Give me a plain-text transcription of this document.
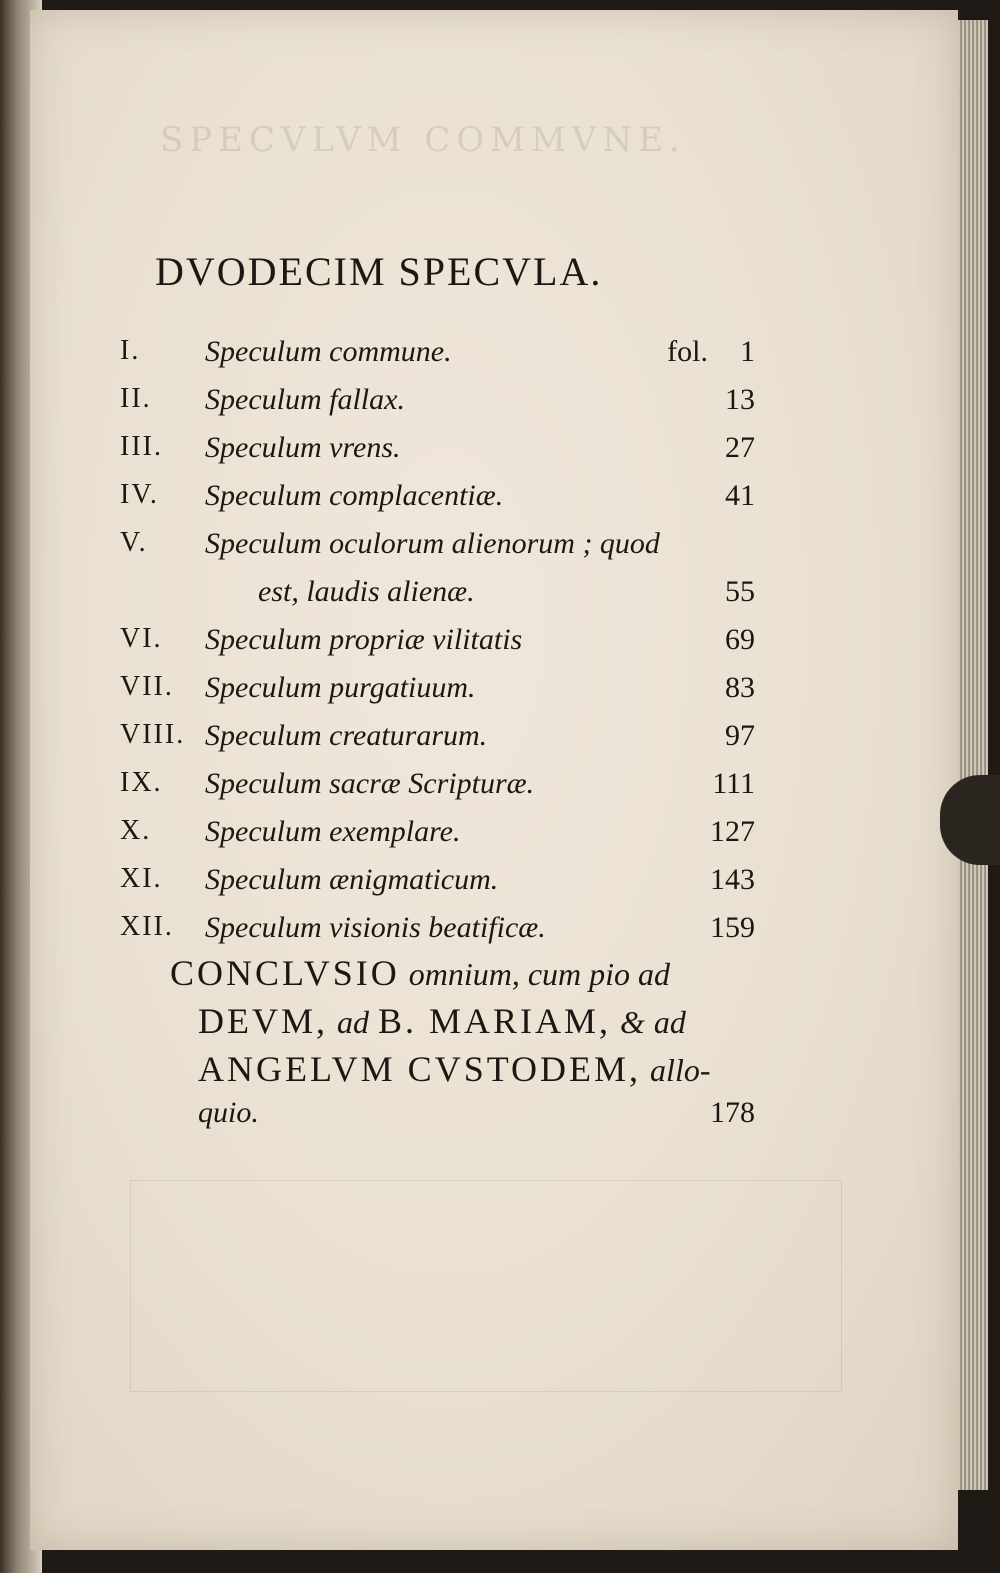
SPECVLVM COMMVNE.
DVODECIM SPECVLA.
I. Speculum commune.	fol. 1
II. Speculum fallax.	13
III. Speculum vrens.	27
IV. Speculum complacentiæ.	41
V. Speculum oculorum alienorum ; quod
est, laudis alienæ.	55
VI. Speculum propriæ vilitatis	69
VII. Speculum purgatiuum.	83
VIII. Speculum creaturarum.	97
IX. Speculum sacræ Scripturæ.	111
X. Speculum exemplare.	127
XI. Speculum ænigmaticum.	143
XII. Speculum visionis beatificæ.	159
CONCLVSIO omnium, cum pio ad
DEVM, ad B. MARIAM, & ad
ANGELVM CVSTODEM, allo-
quio.	178
